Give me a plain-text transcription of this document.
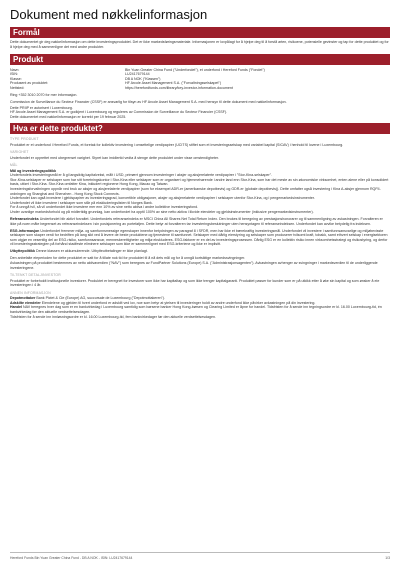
Dokument med nøkkelinformasjon
Formål

Dette dokumentet gir deg nøkkelinformasjon om dette investeringsproduktet. Det er ikke markedsføringsmateriale. Informasjonen er lovpålagt for å hjelpe deg til å forstå arten, risikoene, potensielle gevinster og tap for dette produktet og for å hjelpe deg med å sammenligne det med andre produkter.

Produkt
Navn:	Bin Yuan Greater China Fund ("Underfondet"), et underfond i Hereford Funds ("Fondet")
ISIN:	LU2417679144
Klasse:	DB A NOK ("Klassen")
Produsent av produktet:	HF Arcole Asset Management S.A. ("Forvaltningsselskapet")
Nettsted:	https://herefordfunds.com/library/key-investor-information-document

Ring +352 3010 2070 for mer informasjon.

Commission de Surveillance du Secteur Financier (CSSF) er ansvarlig for tilsyn av HF Arcole Asset Management S.A. med hensyn til dette dokument med nøkkelinformasjon.

Dette PRIIP er autorisert i Luxembourg.

HF Arcole Asset Management S.A. er godkjent i Luxembourg og reguleres av Commission de Surveillance du Secteur Financier (CSSF).

Dette dokumentet med nøkkelinformasjon er korrekt per 19 februar 2025.

Hva er dette produktet?
TYPE PRODUKT

Produktet er et underfond i Hereford Funds, et foretak for kollektiv investering i omsettelige verdipapirer (UCITS) stiftet som et investeringsselskap med variabel kapital (SICAV) i henhold til lovene i Luxembourg.

VARIGHET

Underfondet er opprettet med ubegrenset varighet. Styret kan imidlertid vedta å stenge dette produktet under visse omstendigheter.

MÅL

Mål og investeringspolitikk

Underfondets investeringsmål er å gi langsiktig kapitalvekst, målt i USD, primært gjennom investeringer i aksjer og aksjerelaterte verdipapirer i "Stor-Kina-selskaper".

Stor-Kina-selskaper er selskaper som har sitt forretningskontor i Stor-Kina eller selskaper som er organisert og hjemmehørende i andre land enn Stor-Kina, som har det meste av sin økonomiske virksomhet, enten alene eller på konsolidert basis, utført i Stor-Kina. Stor-Kina omfatter Kina, inkludert regionene Hong Kong, Macao og Taiwan.

Investeringsforvaltningen oppnår ved bruk av aksjer og aksjerelaterte verdipapirer (som for eksempel ADR-er (amerikanske depotbevis) og GDR-er (globale depotbevis)). Dette omfatter også investering i Kina A-aksjer gjennom RQFII-ordningen og Shanghai and Shenzhen - Hong Kong Stock Connects.

Underfondet kan også investere i gjeldspapirer av investeringsgrad, konvertible obligasjoner, aksjer og aksjerelaterte verdipapirer i selskaper utenfor Stor-Kina, og i pengemarkedsinstrumenter.

Underfondet vil ikke investere i selskaper som står på ekskluderingslisten til Norges Bank.

For å unngå tvil, så vil underfondet ikke investere mer enn 10% av sine netto aktiva i andre kollektive investeringsfond.

Under uvanlige markedsforhold og på midlertidig grunnlag, kan underfondet ha opptil 100% av sine netto aktiva i likvide eiendeler og gjeldsinstrumenter (inklusive pengemarkedsinstrumenter).

Referanseindeks Underfondet blir aktivt forvaltet. Underfondets referanseindeks er MSCI China All Shares Net Total Return Index. Den brukes til beregning av prestasjonshonorarer og til sammenligning av avkastningen. Forvalteren er ikke på noen måte begrenset av referanseindeksen i sin posisjonering av porteføljen. Dette betyr at forvalteren tar investeringsbeslutninger uten hensyntagen til referanseindeksen. Underfondet kan avvike betydelig fra indeksen.

ESG-informasjon Underfondet fremmer miljø- og samfunnsmessige egenskaper innenfor betydningen av paragraf 8 i SFDR, men har ikke et bærekraftig investeringsmål. Underfondet vil investere i samfunnsansvarlige og miljøbevisste selskaper som skaper verdi for bedriften på lang sikt ved å levere de beste produktene og tjenestene til samfunnet. Selskaper med dårlig eierstyring og selskaper som produserer tvilsomt kraft, tobakk, samt ethvert selskap i energisektoren som utgjør en vesentlig del av ESG-risiko, samfunnsansvar, menneskerettigheter og miljø ekskluderes. ESG-faktorer er en del av investeringsprosessen. Dårlig ESG er en kollektiv risiko innen virksomhetsstrategi og risikostyring, og derfor vil investeringsstrategien på forhånd stadfeste eliminere selskaper som ikke er sammenlignet med ESG-kriteriene og ikke er implisitt.

Utbyttepolitikk Denne klassen er akkumulerende. Utbytteutbetalinger er ikke planlagt.

Den anbefalte eieperioden for dette produktet er satt for å tillate nok tid for produktet til å nå dets mål og for å unngå kortsiktige markedssvingninger.

Avkastningen på produktet bestemmes av netto aktivaverdien ("NAV") som beregnes av FundPartner Solutions (Europe) S.A. ("Administrasjonsagenten"). Avkastningen avhenger av svingninger i markedsverdien til de underliggende investeringene.

TILTENKT DETALJINVESTOR

Produktet er forbeholdt institusjonelle investorer. Produktet er beregnet for investorer som ikke har kapitaltap og som ikke trenger kapitalgaranti. Produktet passer for kunder som er på utkikk etter å øke sin kapital og som ønsker å eie investeringen i 4 år.

ANNEN INFORMASJON

Depotmottaker Bank Pictet & Cie (Europe) AG, succursale de Luxembourg ("Depotmottakeren").

Adskilte eiendeler Eiendelene og gjelden til hvert underfond er adskilt ved lov, noe som betyr at ytelsen til investeringer holdt av andre underfond ikke påvirker avkastningen på din investering.

Handel NAV beregnes hver dag som er en bankvirkedag i Luxembourg samtidig som børsene banker Hong Kong-børsen og Clearing Limited er åpne for handel. Tidsfristen for å sende inn tegningsordre er kl. 16.00 Luxembourg-tid, én bankvirkedag før den aktuelle verdsettelsesdagen.

Tidsfristen for å sende inn innløsningsordre er kl. 16.00 Luxembourg-tid, fem bankvirkedager før den aktuelle verdsettelsesdagen.

Hereford Funds Bin Yuan Greater China Fund - DB A NOK - ISIN: LU2417679144	1/3
